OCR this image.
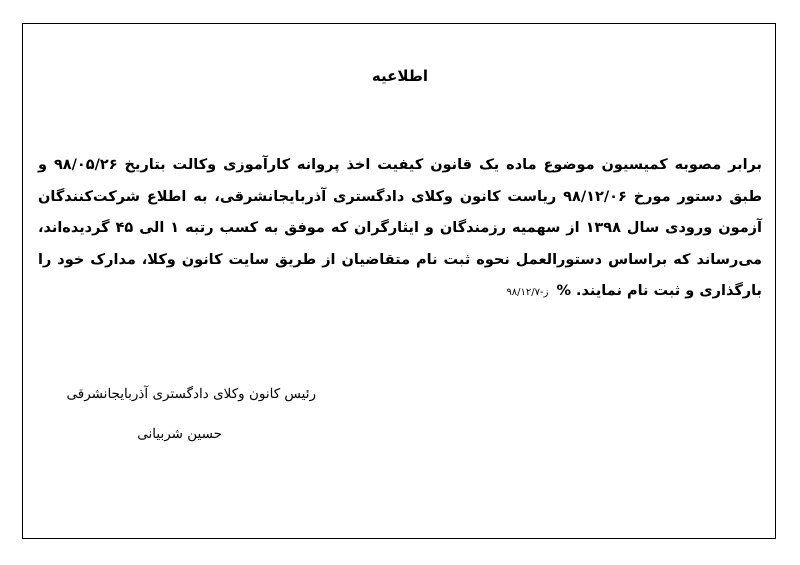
اطلاعیه
برابر مصوبه کمیسیون موضوع ماده یک قانون کیفیت اخذ پروانه کارآموزی وکالت بتاریخ ۹۸/۰۵/۲۶ و طبق دستور مورخ ۹۸/۱۲/۰۶ ریاست کانون وکلای دادگستری آذربایجانشرقی، به اطلاع شرکت‌کنندگان آزمون ورودی سال ۱۳۹۸ از سهمیه رزمندگان و ایثارگران که موفق به کسب رتبه ۱ الی ۴۵ گردیده‌اند، می‌رساند که براساس دستورالعمل نحوه ثبت نام متقاضیان از طریق سایت کانون وکلا، مدارک خود را بارگذاری و ثبت نام نمایند. %ز-۹۸/۱۲/۷
رئیس کانون وکلای دادگستری آذربایجانشرقی
حسین شربیانی
